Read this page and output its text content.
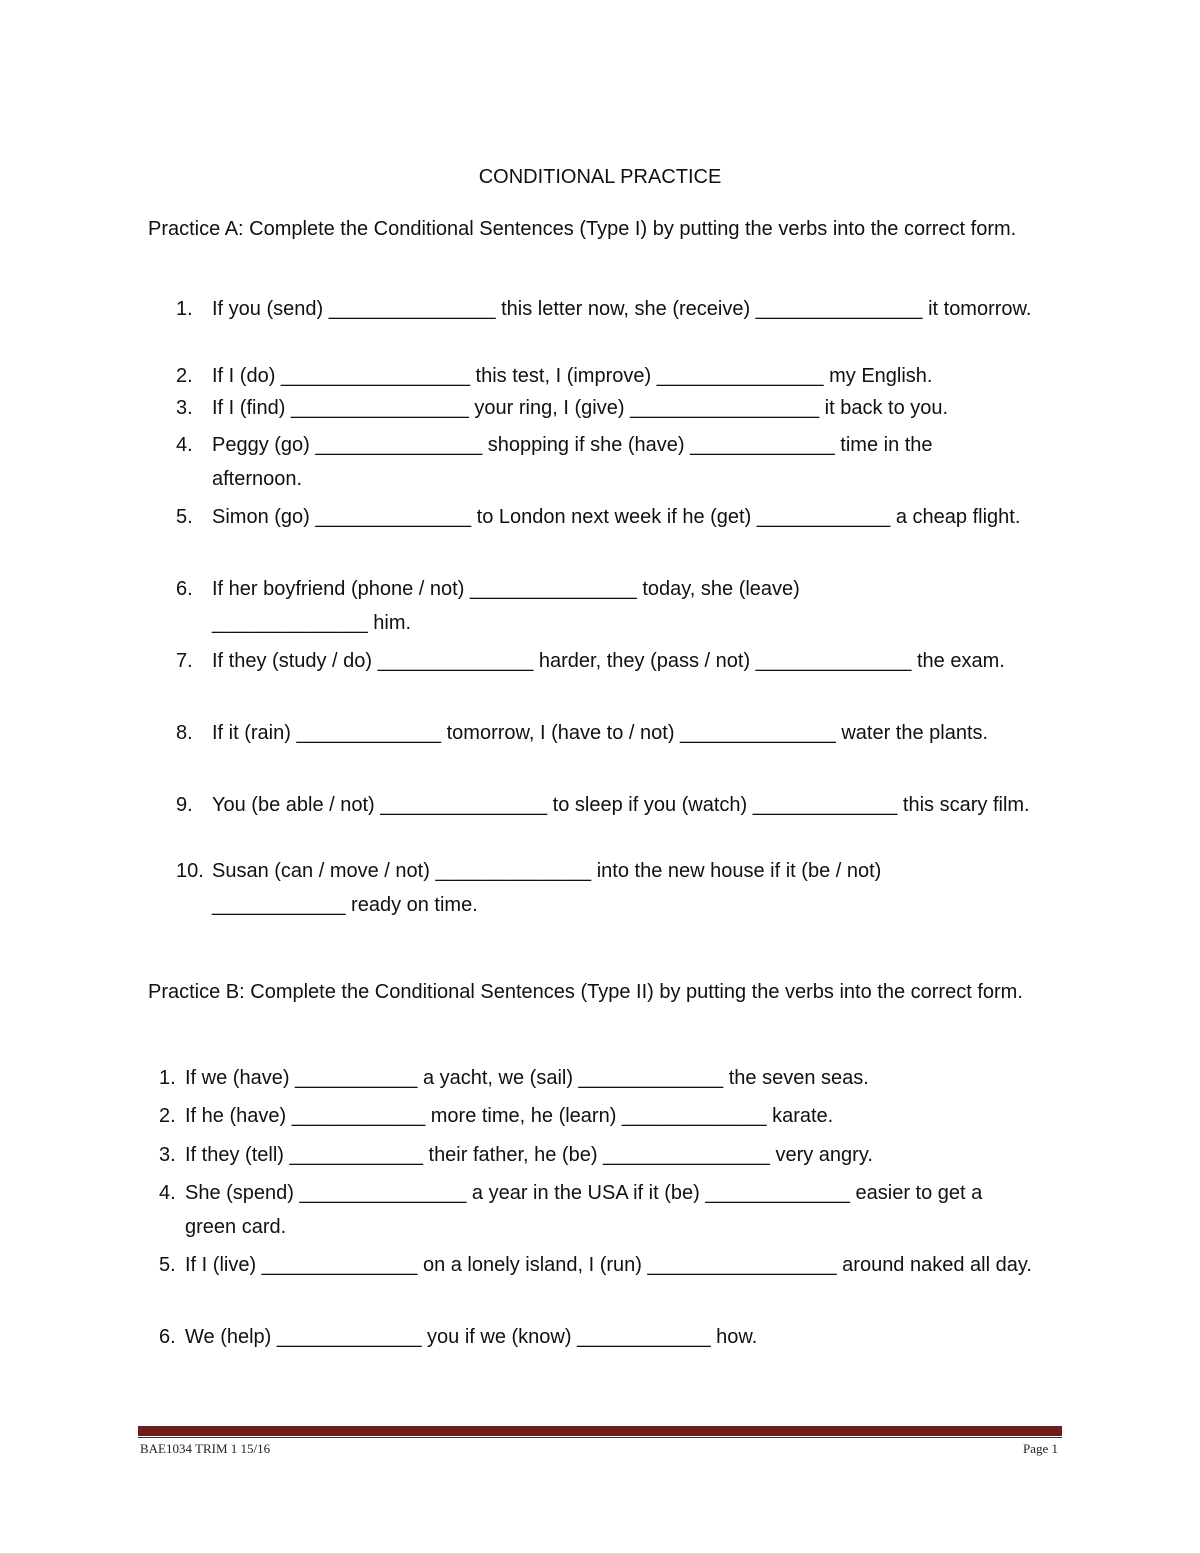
CONDITIONAL PRACTICE
Practice A: Complete the Conditional Sentences (Type I) by putting the verbs into the correct form.
1. If you (send) _______________ this letter now, she (receive) _______________ it tomorrow.
2. If I (do) _________________ this test, I (improve) _______________ my English.
3. If I (find) ________________ your ring, I (give) _________________ it back to you.
4. Peggy (go) _______________ shopping if she (have) _____________ time in the afternoon.
5. Simon (go) ______________ to London next week if he (get) ____________ a cheap flight.
6. If her boyfriend (phone / not) _______________ today, she (leave) ______________ him.
7. If they (study / do) ______________ harder, they (pass / not) ______________ the exam.
8. If it (rain) _____________ tomorrow, I (have to / not) ______________ water the plants.
9. You (be able / not) _______________ to sleep if you (watch) _____________ this scary film.
10. Susan (can / move / not) ______________ into the new house if it (be / not) ____________ ready on time.
Practice B: Complete the Conditional Sentences (Type II) by putting the verbs into the correct form.
1. If we (have) ___________ a yacht, we (sail) _____________ the seven seas.
2. If he (have) ____________ more time, he (learn) _____________ karate.
3. If they (tell) ____________ their father, he (be) _______________ very angry.
4. She (spend) _______________ a year in the USA if it (be) _____________ easier to get a green card.
5. If I (live) ______________ on a lonely island, I (run) _________________ around naked all day.
6. We (help) _____________ you if we (know) ____________ how.
BAE1034 TRIM 1 15/16	Page 1
